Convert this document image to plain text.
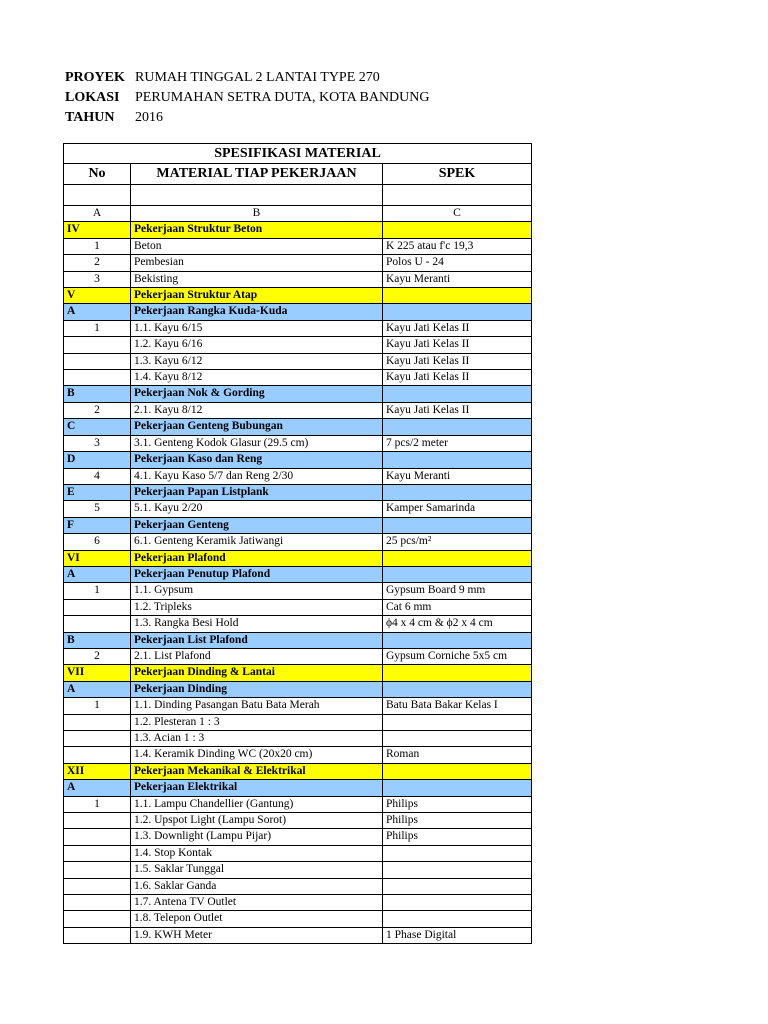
PROYEK RUMAH TINGGAL 2 LANTAI TYPE 270
LOKASI	PERUMAHAN SETRA DUTA, KOTA BANDUNG
TAHUN	2016
SPESIFIKASI MATERIAL		
No	MATERIAL TIAP PEKERJAAN	SPEK

A	B	C
IV	Pekerjaan Struktur Beton	
1	Beton	K 225 atau f'c 19,3
2	Pembesian	Polos U - 24
3	Bekisting	Kayu Meranti
V	Pekerjaan Struktur Atap	
A	Pekerjaan Rangka Kuda-Kuda	
1	1.1. Kayu 6/15	Kayu Jati Kelas II
	1.2. Kayu 6/16	Kayu Jati Kelas II
	1.3. Kayu 6/12	Kayu Jati Kelas II
	1.4. Kayu 8/12	Kayu Jati Kelas II
B	Pekerjaan Nok & Gording	
2	2.1. Kayu 8/12	Kayu Jati Kelas II
C	Pekerjaan Genteng Bubungan	
3	3.1. Genteng Kodok Glasur (29.5 cm)	7 pcs/2 meter
D	Pekerjaan Kaso dan Reng	
4	4.1. Kayu Kaso 5/7 dan Reng 2/30	Kayu Meranti
E	Pekerjaan Papan Listplank	
5	5.1. Kayu 2/20	Kamper Samarinda
F	Pekerjaan Genteng	
6	6.1. Genteng Keramik Jatiwangi	25 pcs/m²
VI	Pekerjaan Plafond	
A	Pekerjaan Penutup Plafond	
1	1.1. Gypsum	Gypsum Board 9 mm
	1.2. Tripleks	Cat 6 mm
	1.3. Rangka Besi Hold	ϕ4 x 4 cm & ϕ2 x 4 cm
B	Pekerjaan List Plafond	
2	2.1. List Plafond	Gypsum Corniche 5x5 cm
VII	Pekerjaan Dinding & Lantai	
A	Pekerjaan Dinding	
1	1.1. Dinding Pasangan Batu Bata Merah	Batu Bata Bakar Kelas I
	1.2. Plesteran 1 : 3	
	1.3. Acian 1 : 3	
	1.4. Keramik Dinding WC (20x20 cm)	Roman
XII	Pekerjaan Mekanikal & Elektrikal	
A	Pekerjaan Elektrikal	
1	1.1. Lampu Chandellier (Gantung)	Philips
	1.2. Upspot Light (Lampu Sorot)	Philips
	1.3. Downlight (Lampu Pijar)	Philips
	1.4. Stop Kontak	
	1.5. Saklar Tunggal	
	1.6. Saklar Ganda	
	1.7. Antena TV Outlet	
	1.8. Telepon Outlet	
	1.9. KWH Meter	1 Phase Digital
